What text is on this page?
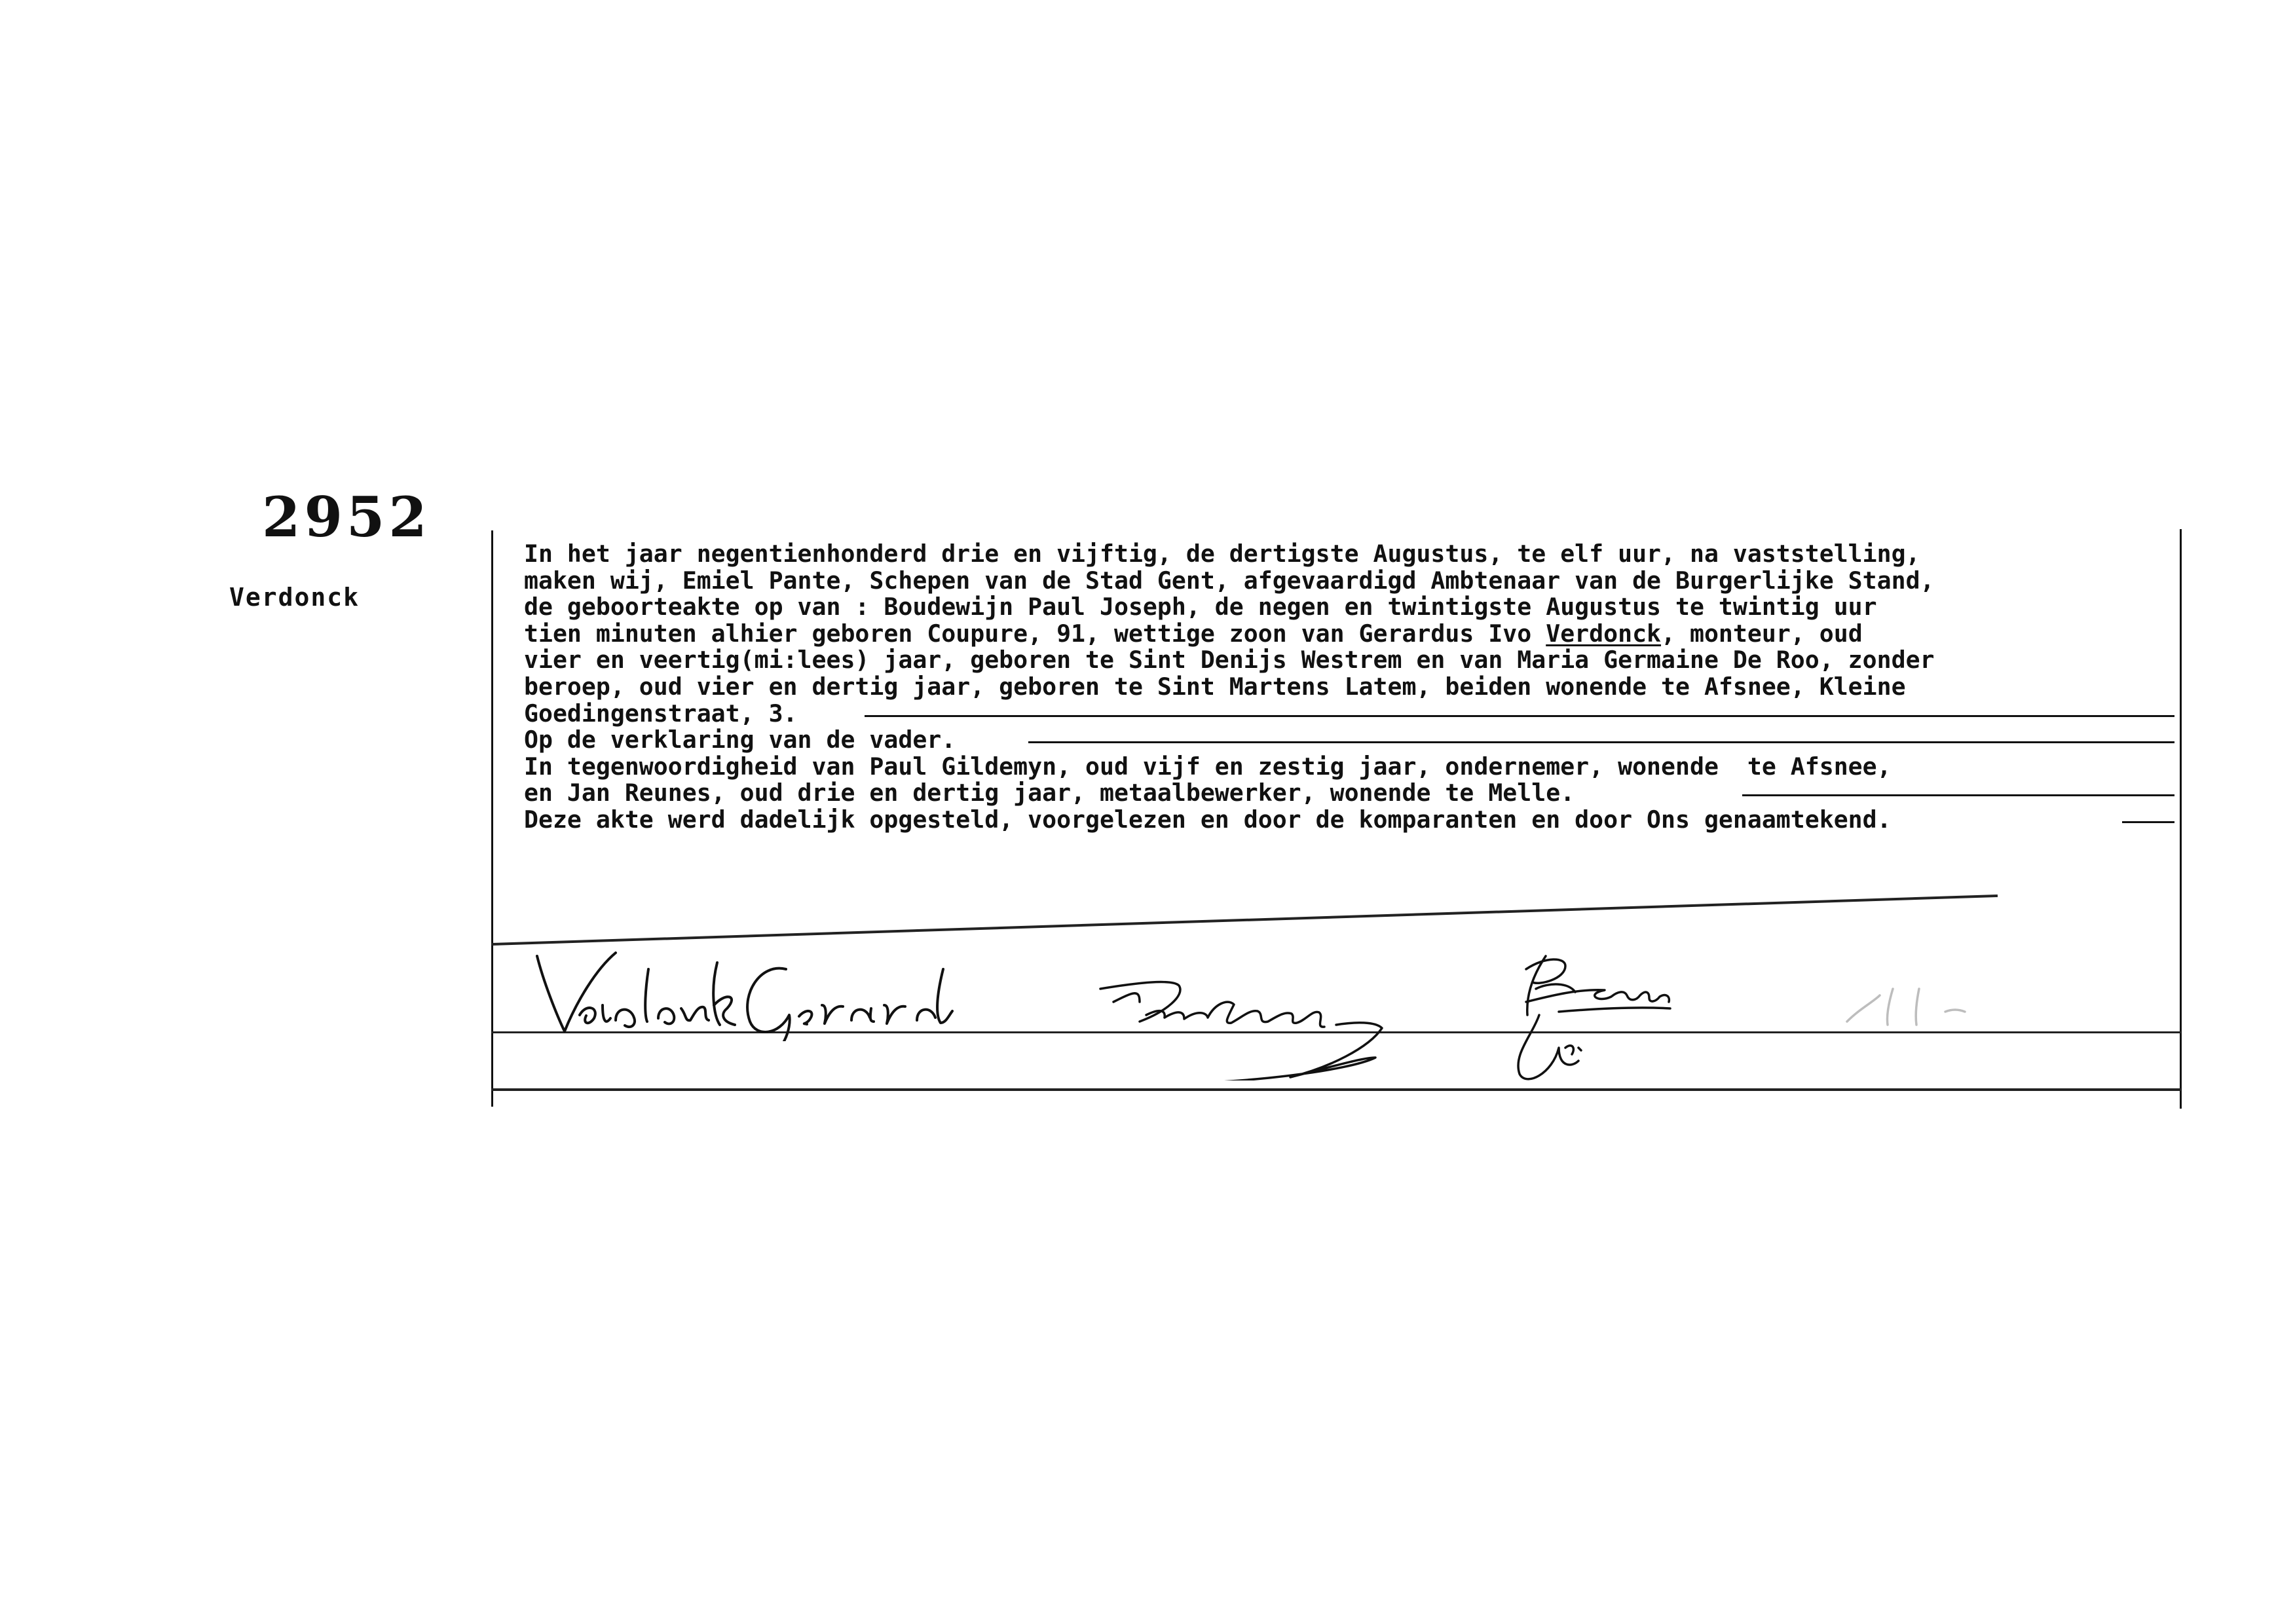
2952
Verdonck
In het jaar negentienhonderd drie en vijftig, de dertigste Augustus, te elf uur, na vaststelling,
maken wij, Emiel Pante, Schepen van de Stad Gent, afgevaardigd Ambtenaar van de Burgerlijke Stand,
de geboorteakte op van : Boudewijn Paul Joseph, de negen en twintigste Augustus te twintig uur
tien minuten alhier geboren Coupure, 91, wettige zoon van Gerardus Ivo Verdonck, monteur, oud
vier en veertig(mi:lees) jaar, geboren te Sint Denijs Westrem en van Maria Germaine De Roo, zonder
beroep, oud vier en dertig jaar, geboren te Sint Martens Latem, beiden wonende te Afsnee, Kleine
Goedingenstraat, 3.
Op de verklaring van de vader.
In tegenwoordigheid van Paul Gildemyn, oud vijf en zestig jaar, ondernemer, wonende  te Afsnee,
en Jan Reunes, oud drie en dertig jaar, metaalbewerker, wonende te Melle.
Deze akte werd dadelijk opgesteld, voorgelezen en door de komparanten en door Ons genaamtekend.
